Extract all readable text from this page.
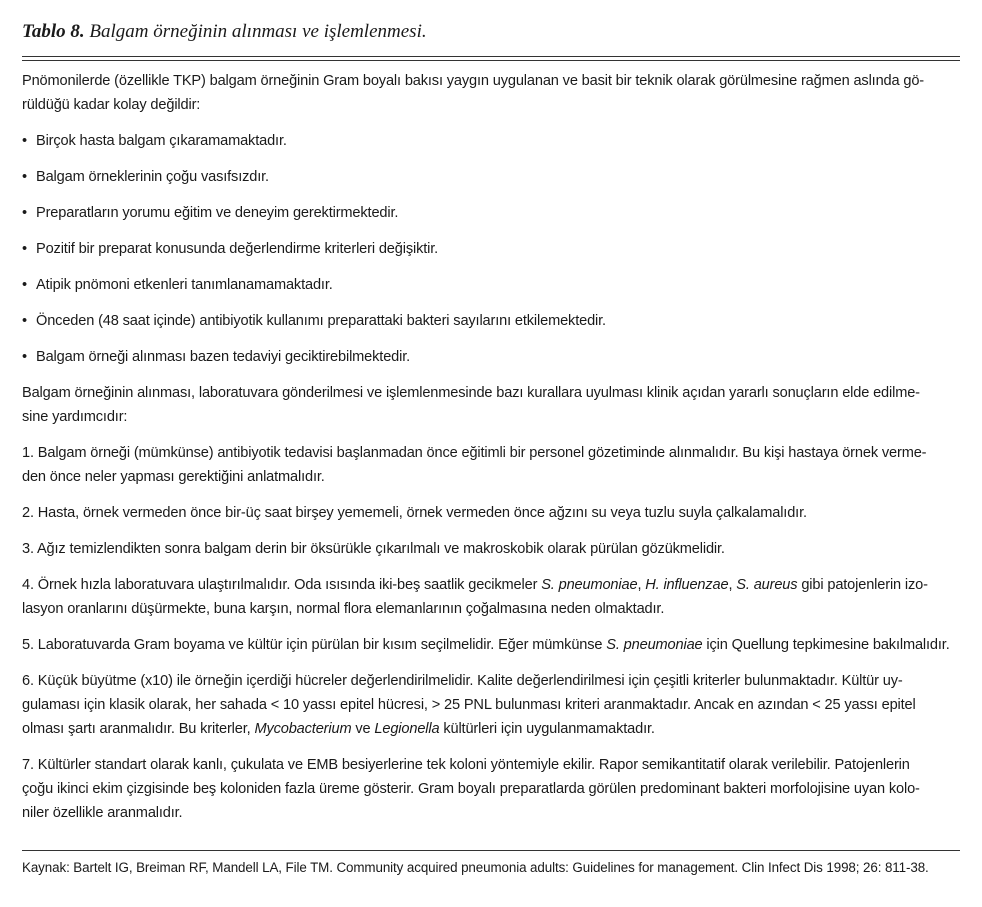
Tablo 8. Balgam örneğinin alınması ve işlemlenmesi.

Pnömonilerde (özellikle TKP) balgam örneğinin Gram boyalı bakısı yaygın uygulanan ve basit bir teknik olarak görülmesine rağmen aslında gö-
rüldüğü kadar kolay değildir:

• Birçok hasta balgam çıkaramamaktadır.

• Balgam örneklerinin çoğu vasıfsızdır.

• Preparatların yorumu eğitim ve deneyim gerektirmektedir.

• Pozitif bir preparat konusunda değerlendirme kriterleri değişiktir.

• Atipik pnömoni etkenleri tanımlanamamaktadır.

• Önceden (48 saat içinde) antibiyotik kullanımı preparattaki bakteri sayılarını etkilemektedir.

• Balgam örneği alınması bazen tedaviyi geciktirebilmektedir.

Balgam örneğinin alınması, laboratuvara gönderilmesi ve işlemlenmesinde bazı kurallara uyulması klinik açıdan yararlı sonuçların elde edilme-
sine yardımcıdır:

1. Balgam örneği (mümkünse) antibiyotik tedavisi başlanmadan önce eğitimli bir personel gözetiminde alınmalıdır. Bu kişi hastaya örnek verme-
den önce neler yapması gerektiğini anlatmalıdır.

2. Hasta, örnek vermeden önce bir-üç saat birşey yememeli, örnek vermeden önce ağzını su veya tuzlu suyla çalkalamalıdır.

3. Ağız temizlendikten sonra balgam derin bir öksürükle çıkarılmalı ve makroskobik olarak pürülan gözükmelidir.

4. Örnek hızla laboratuvara ulaştırılmalıdır. Oda ısısında iki-beş saatlik gecikmeler S. pneumoniae, H. influenzae, S. aureus gibi patojenlerin izo-
lasyon oranlarını düşürmekte, buna karşın, normal flora elemanlarının çoğalmasına neden olmaktadır.

5. Laboratuvarda Gram boyama ve kültür için pürülan bir kısım seçilmelidir. Eğer mümkünse S. pneumoniae için Quellung tepkimesine bakılmalıdır.

6. Küçük büyütme (x10) ile örneğin içerdiği hücreler değerlendirilmelidir. Kalite değerlendirilmesi için çeşitli kriterler bulunmaktadır. Kültür uy-
gulaması için klasik olarak, her sahada < 10 yassı epitel hücresi, > 25 PNL bulunması kriteri aranmaktadır. Ancak en azından < 25 yassı epitel
olması şartı aranmalıdır. Bu kriterler, Mycobacterium ve Legionella kültürleri için uygulanmamaktadır.

7. Kültürler standart olarak kanlı, çukulata ve EMB besiyerlerine tek koloni yöntemiyle ekilir. Rapor semikantitatif olarak verilebilir. Patojenlerin
çoğu ikinci ekim çizgisinde beş koloniden fazla üreme gösterir. Gram boyalı preparatlarda görülen predominant bakteri morfolojisine uyan kolo-
niler özellikle aranmalıdır.

Kaynak: Bartelt IG, Breiman RF, Mandell LA, File TM. Community acquired pneumonia adults: Guidelines for management. Clin Infect Dis 1998; 26: 811-38.
